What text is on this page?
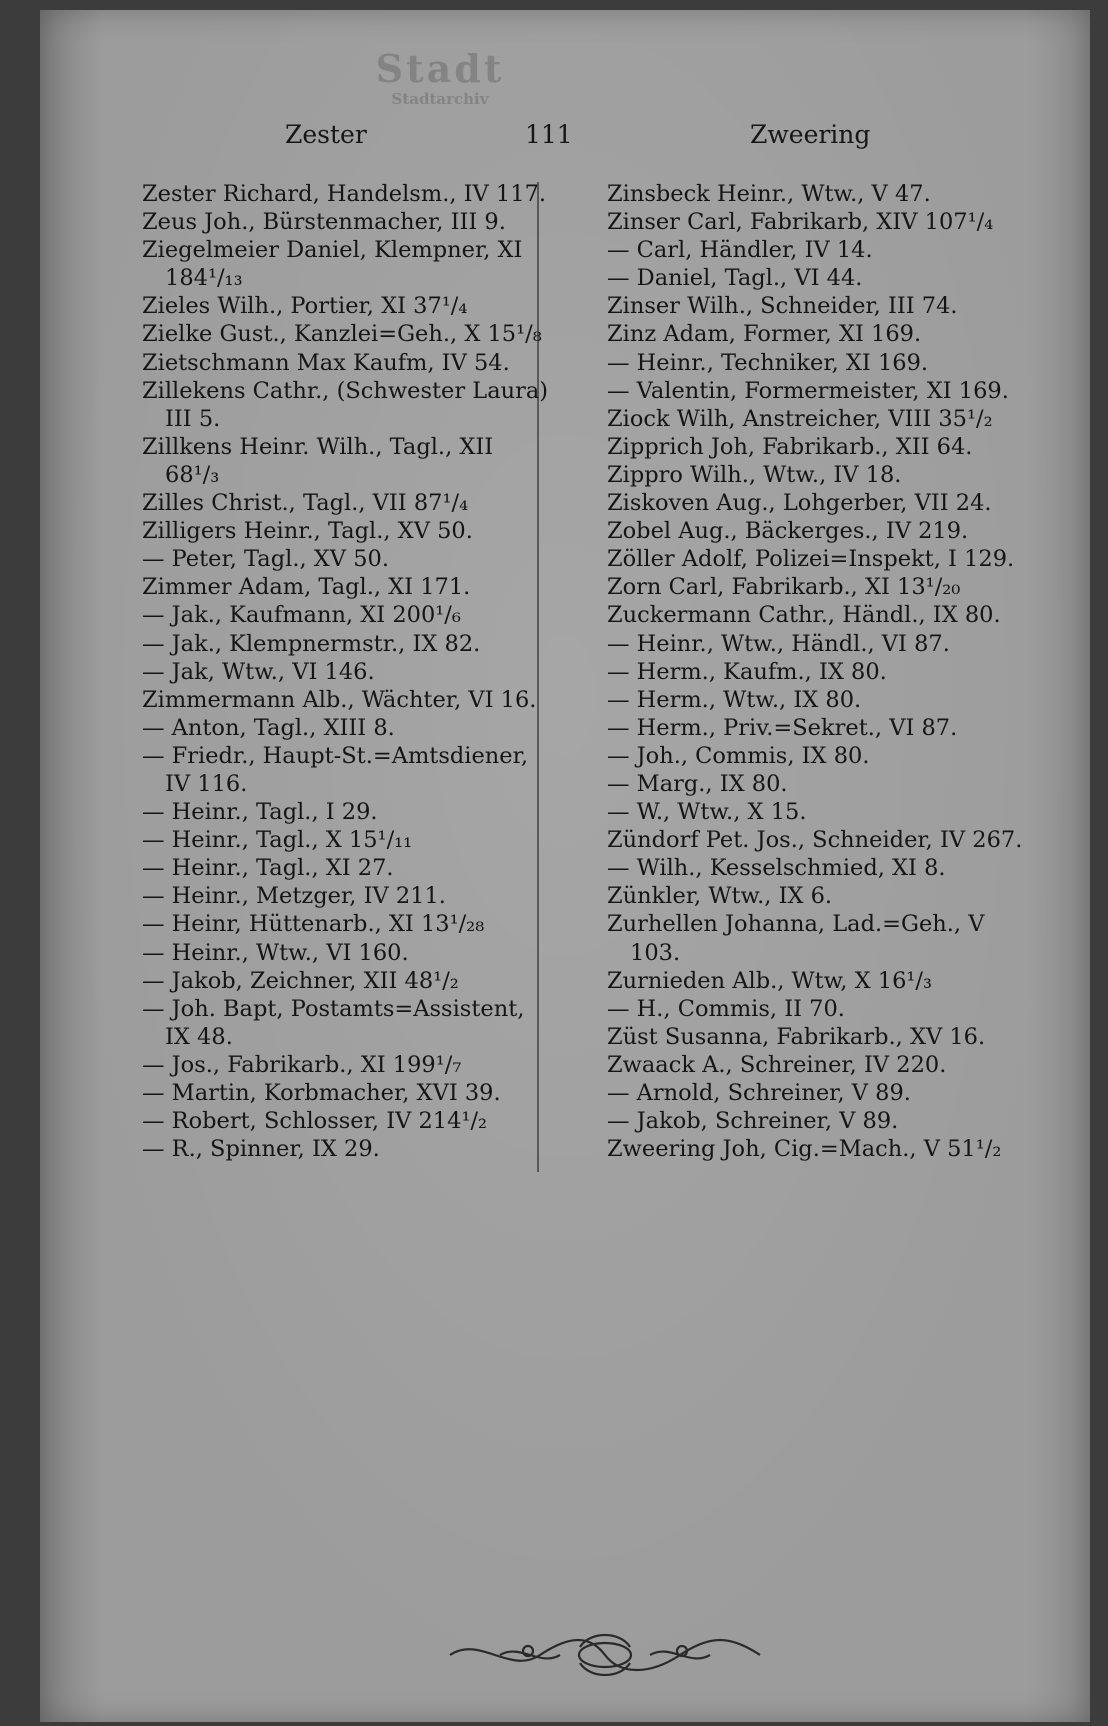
Stadt
Stadtarchiv
Zester	111	Zweering
Zester Richard, Handelsm., IV 117.
Zeus Joh., Bürstenmacher, III 9.
Ziegelmeier Daniel, Klempner, XI
184¹/₁₃
Zieles Wilh., Portier, XI 37¹/₄
Zielke Gust., Kanzlei=Geh., X 15¹/₈
Zietschmann Max Kaufm, IV 54.
Zillekens Cathr., (Schwester Laura)
III 5.
Zillkens Heinr. Wilh., Tagl., XII
68¹/₃
Zilles Christ., Tagl., VII 87¹/₄
Zilligers Heinr., Tagl., XV 50.
— Peter, Tagl., XV 50.
Zimmer Adam, Tagl., XI 171.
— Jak., Kaufmann, XI 200¹/₆
— Jak., Klempnermstr., IX 82.
— Jak, Wtw., VI 146.
Zimmermann Alb., Wächter, VI 16.
— Anton, Tagl., XIII 8.
— Friedr., Haupt-St.=Amtsdiener,
IV 116.
— Heinr., Tagl., I 29.
— Heinr., Tagl., X 15¹/₁₁
— Heinr., Tagl., XI 27.
— Heinr., Metzger, IV 211.
— Heinr, Hüttenarb., XI 13¹/₂₈
— Heinr., Wtw., VI 160.
— Jakob, Zeichner, XII 48¹/₂
— Joh. Bapt, Postamts=Assistent,
IX 48.
— Jos., Fabrikarb., XI 199¹/₇
— Martin, Korbmacher, XVI 39.
— Robert, Schlosser, IV 214¹/₂
— R., Spinner, IX 29.
Zinsbeck Heinr., Wtw., V 47.
Zinser Carl, Fabrikarb, XIV 107¹/₄
— Carl, Händler, IV 14.
— Daniel, Tagl., VI 44.
Zinser Wilh., Schneider, III 74.
Zinz Adam, Former, XI 169.
— Heinr., Techniker, XI 169.
— Valentin, Formermeister, XI 169.
Ziock Wilh, Anstreicher, VIII 35¹/₂
Zipprich Joh, Fabrikarb., XII 64.
Zippro Wilh., Wtw., IV 18.
Ziskoven Aug., Lohgerber, VII 24.
Zobel Aug., Bäckerges., IV 219.
Zöller Adolf, Polizei=Inspekt, I 129.
Zorn Carl, Fabrikarb., XI 13¹/₂₀
Zuckermann Cathr., Händl., IX 80.
— Heinr., Wtw., Händl., VI 87.
— Herm., Kaufm., IX 80.
— Herm., Wtw., IX 80.
— Herm., Priv.=Sekret., VI 87.
— Joh., Commis, IX 80.
— Marg., IX 80.
— W., Wtw., X 15.
Zündorf Pet. Jos., Schneider, IV 267.
— Wilh., Kesselschmied, XI 8.
Zünkler, Wtw., IX 6.
Zurhellen Johanna, Lad.=Geh., V
103.
Zurnieden Alb., Wtw, X 16¹/₃
— H., Commis, II 70.
Züst Susanna, Fabrikarb., XV 16.
Zwaack A., Schreiner, IV 220.
— Arnold, Schreiner, V 89.
— Jakob, Schreiner, V 89.
Zweering Joh, Cig.=Mach., V 51¹/₂
